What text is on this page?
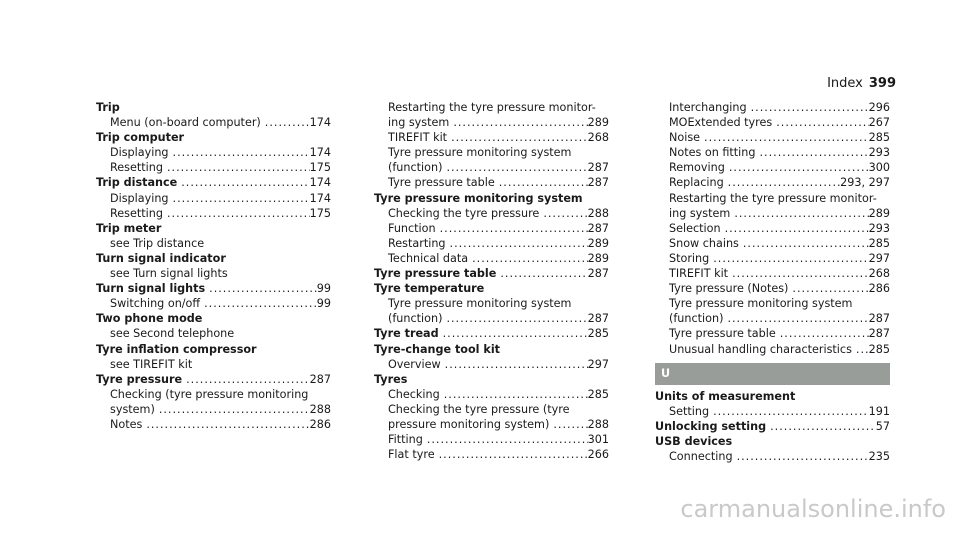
Index 399
Trip
Menu (on-board computer) .....	174
Trip computer
Displaying .....	174
Resetting .....	175
Trip distance .....	174
Displaying .....	174
Resetting .....	175
Trip meter
see Trip distance
Turn signal indicator
see Turn signal lights
Turn signal lights .....	99
Switching on/off .....	99
Two phone mode
see Second telephone
Tyre inflation compressor
see TIREFIT kit
Tyre pressure .....	287
Checking (tyre pressure monitoring
system) .....	288
Notes .....	286
Restarting the tyre pressure monitor-
ing system .....	289
TIREFIT kit .....	268
Tyre pressure monitoring system
(function) .....	287
Tyre pressure table .....	287
Tyre pressure monitoring system
Checking the tyre pressure .....	288
Function .....	287
Restarting .....	289
Technical data .....	289
Tyre pressure table .....	287
Tyre temperature
Tyre pressure monitoring system
(function) .....	287
Tyre tread .....	285
Tyre-change tool kit
Overview .....	297
Tyres
Checking .....	285
Checking the tyre pressure (tyre
pressure monitoring system) .....	288
Fitting .....	301
Flat tyre .....	266
Interchanging .....	296
MOExtended tyres .....	267
Noise .....	285
Notes on fitting .....	293
Removing .....	300
Replacing .....	293, 297
Restarting the tyre pressure monitor-
ing system .....	289
Selection .....	293
Snow chains .....	285
Storing .....	297
TIREFIT kit .....	268
Tyre pressure (Notes) .....	286
Tyre pressure monitoring system
(function) .....	287
Tyre pressure table .....	287
Unusual handling characteristics ..... 285
U
Units of measurement
Setting .....	191
Unlocking setting .....	57
USB devices
Connecting .....	235
carmanualsonline.info
